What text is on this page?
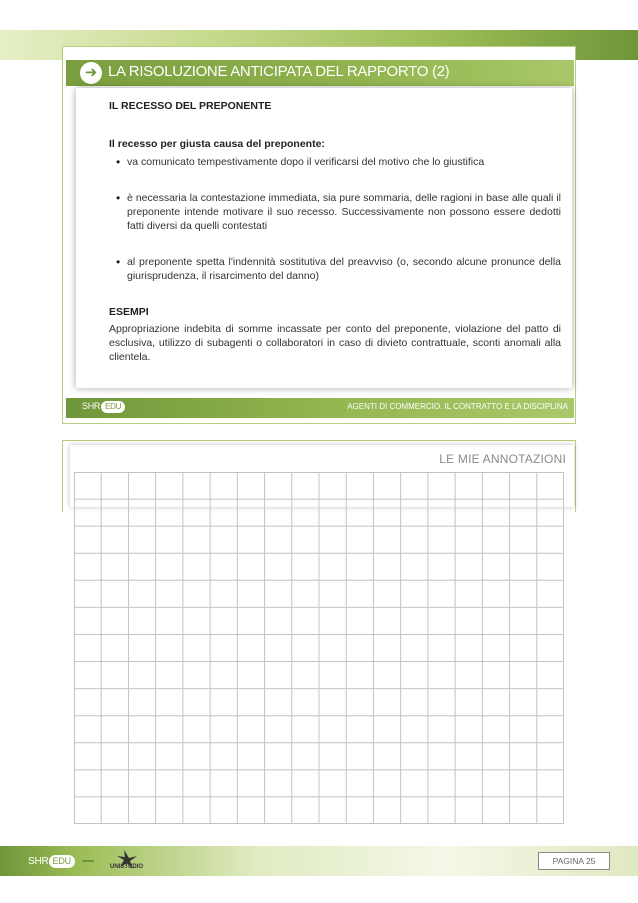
➜ LA RISOLUZIONE ANTICIPATA DEL RAPPORTO (2)
IL RECESSO DEL PREPONENTE
Il recesso per giusta causa del preponente:
• va comunicato tempestivamente dopo il verificarsi del motivo che lo giustifica
• è necessaria la contestazione immediata, sia pure sommaria, delle ragioni in base alle quali il preponente intende motivare il suo recesso. Successivamente non possono essere dedotti fatti diversi da quelli contestati
• al preponente spetta l'indennità sostitutiva del preavviso (o, secondo alcune pronunce della giurisprudenza, il risarcimento del danno)
ESEMPI
Appropriazione indebita di somme incassate per conto del preponente, violazione del patto di esclusiva, utilizzo di subagenti o collaboratori in caso di divieto contrattuale, sconti anomali alla clientela.
SHR EDU	AGENTI DI COMMERCIO. IL CONTRATTO E LA DISCIPLINA
LE MIE ANNOTAZIONI
SHR EDU
UNISTUDIO
PAGINA 25
